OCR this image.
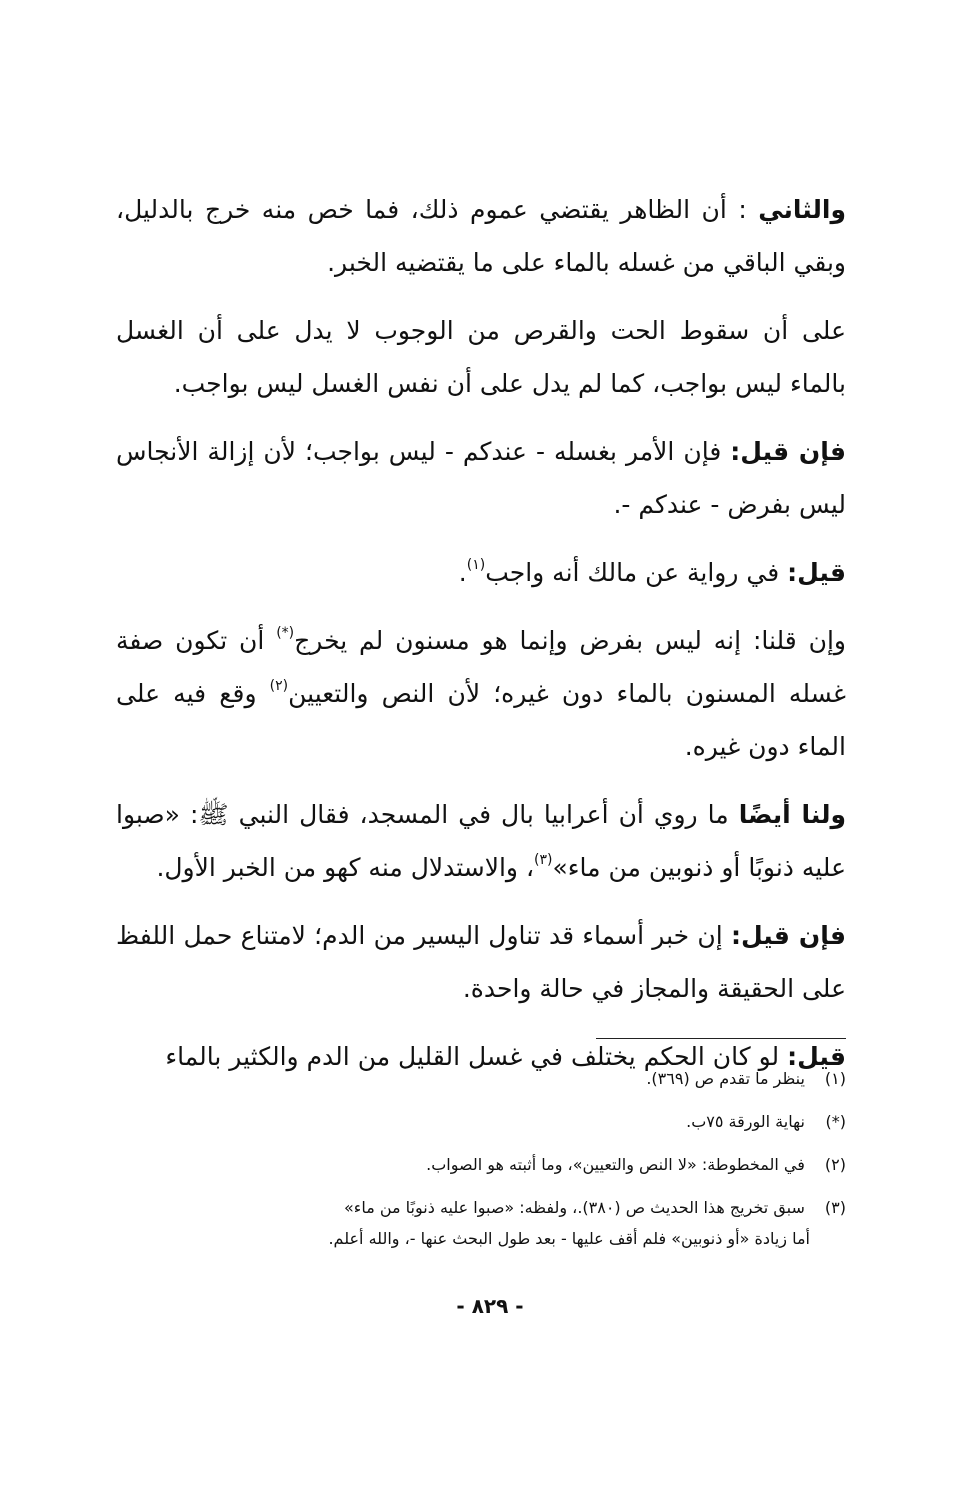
والثاني : أن الظاهر يقتضي عموم ذلك، فما خص منه خرج بالدليل، وبقي الباقي من غسله بالماء على ما يقتضيه الخبر.

على أن سقوط الحت والقرص من الوجوب لا يدل على أن الغسل بالماء ليس بواجب، كما لم يدل على أن نفس الغسل ليس بواجب.

فإن قيل: فإن الأمر بغسله - عندكم - ليس بواجب؛ لأن إزالة الأنجاس ليس بفرض - عندكم -.

قيل: في رواية عن مالك أنه واجب$^{(١)}$.

وإن قلنا: إنه ليس بفرض وإنما هو مسنون لم يخرج(*) أن تكون صفة غسله المسنون بالماء دون غيره؛ لأن النص والتعيين$^{(٢)}$ وقع فيه على الماء دون غيره.

ولنا أيضًا ما روي أن أعرابيا بال في المسجد، فقال النبي ﷺ: «صبوا عليه ذنوبًا أو ذنوبين من ماء»$^{(٣)}$، والاستدلال منه كهو من الخبر الأول.

فإن قيل: إن خبر أسماء قد تناول اليسير من الدم؛ لامتناع حمل اللفظ على الحقيقة والمجاز في حالة واحدة.

قيل: لو كان الحكم يختلف في غسل القليل من الدم والكثير بالماء

(١) ينظر ما تقدم ص (٣٦٩).
(*) نهاية الورقة ٧٥ب.
(٢) في المخطوطة: «لا النص والتعيين»، وما أثبته هو الصواب.
(٣) سبق تخريج هذا الحديث ص (٣٨٠).، ولفظه: «صبوا عليه ذنوبًا من ماء»
أما زيادة «أو ذنوبين» فلم أقف عليها - بعد طول البحث عنها -، والله أعلم.
- ٨٢٩ -
